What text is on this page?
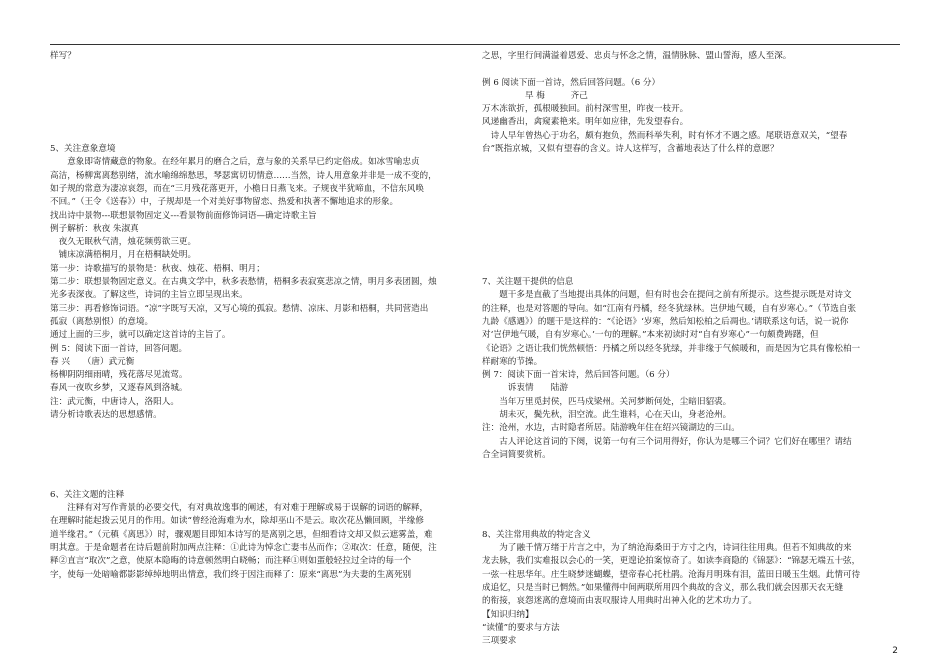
样写？
5、关注意象意境
　　意象即寄情藏意的物象。在经年累月的磨合之后，意与象的关系早已约定俗成。如冰雪喻忠贞
高洁，杨柳寓离愁别绪，流水喻绵绵愁思，琴瑟寓切切情意……当然，诗人用意象并非是一成不变的，
如子规的常意为凄凉哀怨，而在“三月残花落更开，小檐日日燕飞来。子规夜半犹啼血，不信东风唤
不回。”（王令《送春》）中，子规却是一个对美好事物留恋、热爱和执著不懈地追求的形象。
找出诗中景物---联想景物固定义---看景物前面修饰词语—确定诗歌主旨
例子解析：秋夜 朱淑真
　夜久无眠秋气清，烛花频剪欲三更。
　铺床凉满梧桐月，月在梧桐缺处明。
第一步：诗歌描写的景物是：秋夜、烛花、梧桐、明月；
第二步：联想景物固定意义。在古典文学中，秋多表愁情，梧桐多表寂寞悲凉之情，明月多表团圆，烛
光多表深夜。了解这些，诗词的主旨立即呈现出来。
第三步：再看修饰词语。“凉”字既写天凉，又写心境的孤寂。愁情、凉床、月影和梧桐，共同营造出
孤寂（离愁别恨）的意境。
通过上面的三步，就可以确定这首诗的主旨了。
例 5：阅读下面一首诗，回答问题。
春 兴　　（唐）武元衡
杨柳阴阴细雨晴，残花落尽见流莺。
春风一夜吹乡梦，又逐春风到洛城。
注：武元衡，中唐诗人，洛阳人。
请分析诗歌表达的思想感情。
6、关注文题的注释
　　注释有对写作背景的必要交代，有对典故逸事的阐述，有对难于理解或易于误解的词语的解释，
在理解时能起拨云见月的作用。如读“曾经沧海难为水，除却巫山不是云。取次花丛懒回顾，半缘修
道半缘君。”（元稹《离思》）时，骤观题目即知本诗写的是离别之思，但细看诗文却又似云遮雾盖，难
明其意。于是命题者在诗后题前附加两点注释：①此诗为悼念亡妻韦丛而作；②取次：任意，随便，注
释②直言“取次”之意，使原本隐晦的诗意顿然明白晓畅；而注释①则如蛋般轻拉过全诗的每一个
字，使每一处暗喻都影影绰绰地明出情意，我们终于因注而释了：原来“离思”为夫妻的生离死别
之思，字里行间满溢着恩爱、忠贞与怀念之情，温情脉脉、盟山誓海，感人至深。
例 6 阅读下面一首诗，然后回答问题。（6 分）
　　　　　早 梅　　　齐己
万木冻欲折，孤根暖独回。前村深雪里，昨夜一枝开。
风递幽香出，禽窥素艳来。明年如应律，先发望春台。
　诗人早年曾热心于功名，颇有抱负，然而科举失利，时有怀才不遇之感。尾联语意双关，“望春
台”既指京城，又似有望春的含义。诗人这样写，含蓄地表达了什么样的意愿？
7、关注题干提供的信息
　　题干多是直截了当地提出具体的问题，但有时也会在提问之前有所提示。这些提示既是对诗文
的注释，也是对答题的导向。如“江南有丹橘，经冬犹绿林。岂伊地气暖，自有岁寒心。”（节选自张
九龄《感遇》）的题干是这样的：“《论语》‘岁寒，然后知松柏之后凋也。’请联系这句话，说一说你
对‘岂伊地气暖，自有岁寒心。’一句的理解。”本来初读时对“自有岁寒心”一句颇费踌躇，但
《论语》之语让我们恍然顿悟：丹橘之所以经冬犹绿，并非缘于气候暖和，而是因为它具有像松柏一
样耐寒的节操。
例 7：阅读下面一首宋诗，然后回答问题。（6 分）
　　　诉衷情　　陆游
　　当年万里觅封侯，匹马戍梁州。关河梦断何处，尘暗旧貂裘。
　　胡未灭，鬓先秋，泪空流。此生谁料，心在天山，身老沧州。
注：沧州，水边，古时隐者所居。陆游晚年住在绍兴镜湖边的三山。
　　古人评论这首词的下阕，说第一句有三个词用得好，你认为是哪三个词？它们好在哪里？请结
合全词简要赏析。
8、关注常用典故的特定含义
　　为了融千情万绪于片言之中，为了纳沧海桑田于方寸之内，诗词往往用典。但若不知典故的来
龙去脉，我们实难报以会心的一笑，更遑论拍案惊奇了。如读李商隐的《锦瑟》：“锦瑟无端五十弦，
一弦一柱思华年。庄生晓梦迷蝴蝶，望帝春心托杜鹃。沧海月明珠有泪，蓝田日暖玉生烟。此情可待
成追忆，只是当时已惘然。”如果懂得中间两联所用四个典故的含义，那么我们就会因那天衣无缝
的衔接，哀怨迷离的意境而由衷叹服诗人用典时出神入化的艺术功力了。
【知识归纳】
“读懂”的要求与方法
三项要求
2
